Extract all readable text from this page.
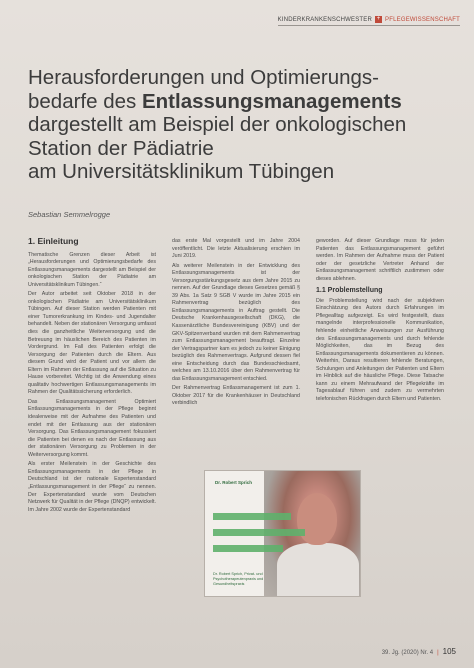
KINDERKRANKENSCHWESTER + PFLEGEWISSENSCHAFT
Herausforderungen und Optimierungs-
bedarfe des Entlassungsmanagements
dargestellt am Beispiel der onkologischen
Station der Pädiatrie
am Universitätsklinikum Tübingen
Sebastian Semmelrogge
1. Einleitung

Thematische Grenzen dieser Arbeit ist „Herausforderungen und Optimierungsbedarfe des Entlassungsmanagements dargestellt am Beispiel der onkologischen Station der Pädiatrie am Universitätsklinikum Tübingen.“

Der Autor arbeitet seit Oktober 2018 in der onkologischen Pädiatrie am Universitätsklinikum Tübingen. Auf dieser Station werden Patienten mit einer Tumorerkrankung im Kindes- und Jugendalter behandelt. Neben der stationären Versorgung umfasst dies die ganzheitliche Weiterversorgung und die Betreuung im häuslichen Bereich des Patienten im Vordergrund. Im Fall des Patienten erfolgt die Versorgung der Patienten durch die Eltern. Aus diesem Grund wird der Patient und vor allem die Eltern im Rahmen der Entlassung auf die Situation zu Hause vorbereitet. Wichtig ist die Anwendung eines qualitativ hochwertigen Entlassungsmanagements im Rahmen der Qualitätssicherung erforderlich.

Das Entlassungsmanagement Optimiert Entlassungsmanagements in der Pflege beginnt idealerweise mit der Aufnahme des Patienten und endet mit der Entlassung aus der stationären Versorgung. Das Entlassungsmanagement fokussiert die Patienten bei denen es nach der Entlassung aus der stationären Versorgung zu Problemen in der Weiterversorgung kommt.

Als erster Meilenstein in der Geschichte des Entlassungsmanagements in der Pflege in Deutschland ist der nationale Expertenstandard „Entlassungsmanagement in der Pflege“ zu nennen. Der Expertenstandard wurde vom Deutschen Netzwerk für Qualität in der Pflege (DNQP) entwickelt. Im Jahre 2002 wurde der Expertenstandard

das erste Mal vorgestellt und im Jahre 2004 veröffentlicht. Die letzte Aktualisierung erschien im Juni 2019.

Als weiterer Meilenstein in der Entwicklung des Entlassungsmanagements ist der Versorgungsstärkungsgesetz aus dem Jahre 2015 zu nennen. Auf der Grundlage dieses Gesetzes gemäß § 39 Abs. 1a Satz 9 SGB V wurde im Jahre 2015 ein Rahmenvertrag bezüglich des Entlassungsmanagements in Auftrag gestellt. Die Deutsche Krankenhausgesellschaft (DKG), die Kassenärztliche Bundesvereinigung (KBV) und der GKV-Spitzenverband wurden mit dem Rahmenvertrag zum Entlassungsmanagement beauftragt. Einzelne der Vertragspartner kam es jedoch zu keiner Einigung bezüglich des Rahmenvertrags. Aufgrund dessen fiel eine Entscheidung durch das Bundesschiedsamt, welches am 13.10.2016 über den Rahmenvertrag für das Entlassungsmanagement entschied.

Der Rahmenvertrag Entlassmanagement ist zum 1. Oktober 2017 für die Krankenhäuser in Deutschland verbindlich

geworden. Auf dieser Grundlage muss für jeden Patienten das Entlassungsmanagement geführt werden. Im Rahmen der Aufnahme muss der Patient oder der gesetzliche Vertreter Anhand der Entlassungsmanagement schriftlich zustimmen oder dieses ablehnen.

1.1 Problemstellung

Die Problemstellung wird nach der subjektiven Einschätzung des Autors durch Erfahrungen im Pflegealltag aufgezeigt. Es wird festgestellt, dass mangelnde interprofessionelle Kommunikation, fehlende einheitliche Anweisungen zur Ausführung des Entlassungsmanagements und durch fehlende Möglichkeiten, das im Bezug des Entlassungsmanagements dokumentieren zu können. Weiterhin, Daraus resultieren fehlende Beratungen, Schulungen und Anleitungen der Patienten und Eltern im Hinblick auf die häusliche Pflege. Diese Tatsache kann zu einem Mehraufwand der Pflegekräfte im Tagesablauf führen und zudem zu vermehrten telefonischen Rückfragen durch Eltern und Patienten.

Dr. Robert Sprich
Dr. Robert Sprich, Privat- und Psychotherapeutenpraxis und Gesundheitspraxis
39. Jg. (2020) Nr. 4 | 105
